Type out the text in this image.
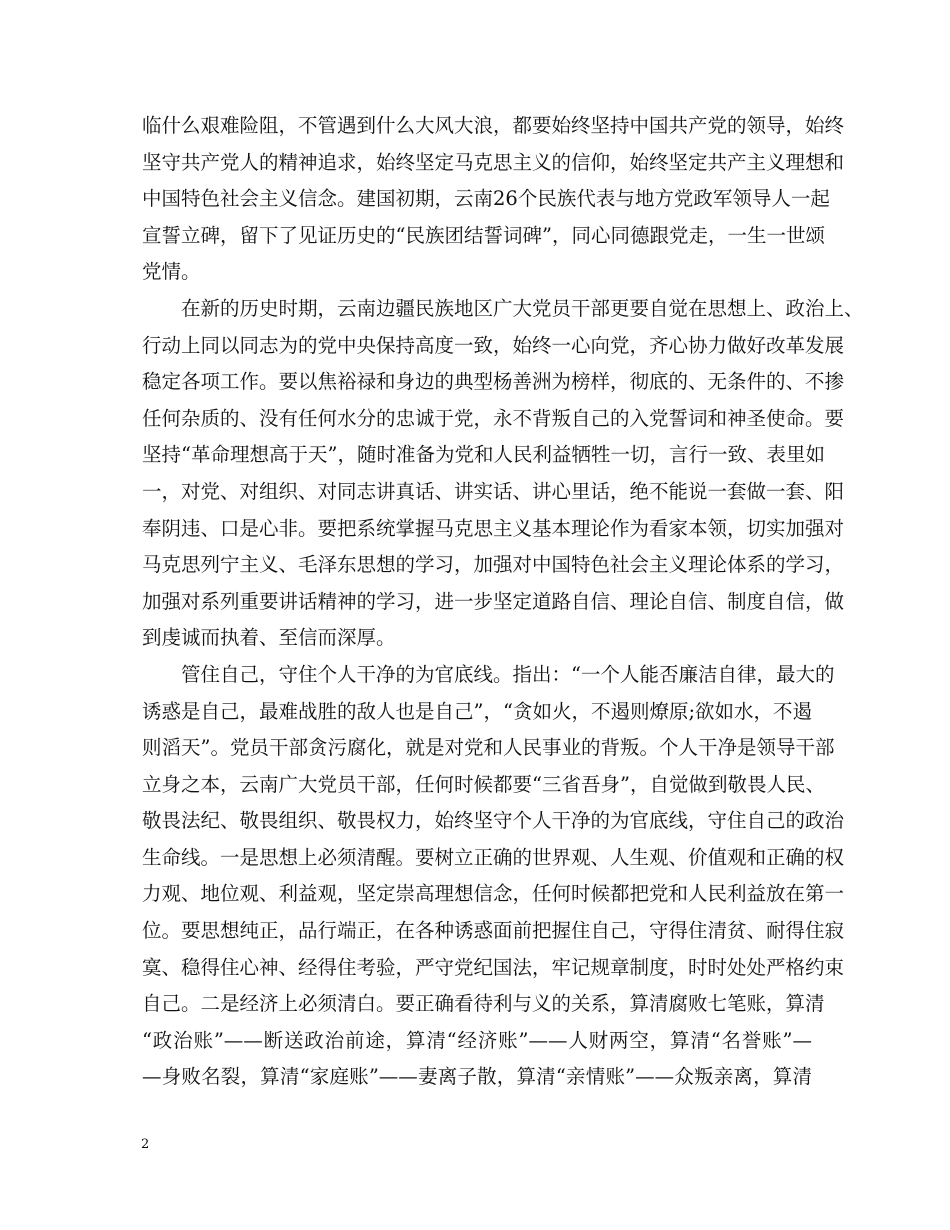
临什么艰难险阻，不管遇到什么大风大浪，都要始终坚持中国共产党的领导，始终
坚守共产党人的精神追求，始终坚定马克思主义的信仰，始终坚定共产主义理想和
中国特色社会主义信念。建国初期，云南26个民族代表与地方党政军领导人一起
宣誓立碑，留下了见证历史的“民族团结誓词碑”，同心同德跟党走，一生一世颂
党情。
在新的历史时期，云南边疆民族地区广大党员干部更要自觉在思想上、政治上、
行动上同以同志为的党中央保持高度一致，始终一心向党，齐心协力做好改革发展
稳定各项工作。要以焦裕禄和身边的典型杨善洲为榜样，彻底的、无条件的、不掺
任何杂质的、没有任何水分的忠诚于党，永不背叛自己的入党誓词和神圣使命。要
坚持“革命理想高于天”，随时准备为党和人民利益牺牲一切，言行一致、表里如
一，对党、对组织、对同志讲真话、讲实话、讲心里话，绝不能说一套做一套、阳
奉阴违、口是心非。要把系统掌握马克思主义基本理论作为看家本领，切实加强对
马克思列宁主义、毛泽东思想的学习，加强对中国特色社会主义理论体系的学习，
加强对系列重要讲话精神的学习，进一步坚定道路自信、理论自信、制度自信，做
到虔诚而执着、至信而深厚。
管住自己，守住个人干净的为官底线。指出：“一个人能否廉洁自律，最大的
诱惑是自己，最难战胜的敌人也是自己”，“贪如火，不遏则燎原;欲如水，不遏
则滔天”。党员干部贪污腐化，就是对党和人民事业的背叛。个人干净是领导干部
立身之本，云南广大党员干部，任何时候都要“三省吾身”，自觉做到敬畏人民、
敬畏法纪、敬畏组织、敬畏权力，始终坚守个人干净的为官底线，守住自己的政治
生命线。一是思想上必须清醒。要树立正确的世界观、人生观、价值观和正确的权
力观、地位观、利益观，坚定崇高理想信念，任何时候都把党和人民利益放在第一
位。要思想纯正，品行端正，在各种诱惑面前把握住自己，守得住清贫、耐得住寂
寞、稳得住心神、经得住考验，严守党纪国法，牢记规章制度，时时处处严格约束
自己。二是经济上必须清白。要正确看待利与义的关系，算清腐败七笔账，算清
“政治账”——断送政治前途，算清“经济账”——人财两空，算清“名誉账”—
—身败名裂，算清“家庭账”——妻离子散，算清“亲情账”——众叛亲离，算清
2
